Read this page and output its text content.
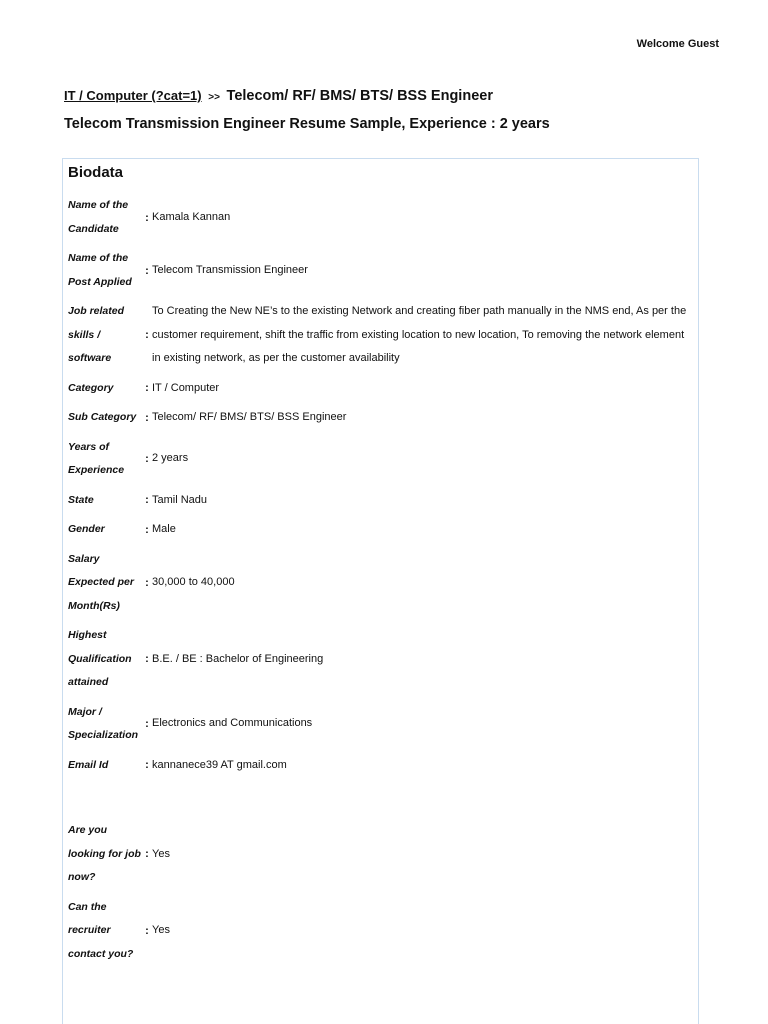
Welcome Guest
IT / Computer (?cat=1) >> Telecom/ RF/ BMS/ BTS/ BSS Engineer
Telecom Transmission Engineer Resume Sample, Experience : 2 years
Biodata
Name of the Candidate	:	Kamala Kannan
Name of the Post Applied	:	Telecom Transmission Engineer
Job related skills / software	:	To Creating the New NE’s to the existing Network and creating fiber path manually in the NMS end, As per the customer requirement, shift the traffic from existing location to new location, To removing the network element in existing network, as per the customer availability
Category	:	IT / Computer
Sub Category	:	Telecom/ RF/ BMS/ BTS/ BSS Engineer
Years of Experience	:	2 years
State	:	Tamil Nadu
Gender	:	Male
Salary Expected per Month(Rs)	:	30,000 to 40,000
Highest Qualification attained	:	B.E. / BE : Bachelor of Engineering
Major / Specialization	:	Electronics and Communications
Email Id	:	kannanece39 AT gmail.com

Are you looking for job now?	:	Yes
Can the recruiter contact you?	:	Yes
